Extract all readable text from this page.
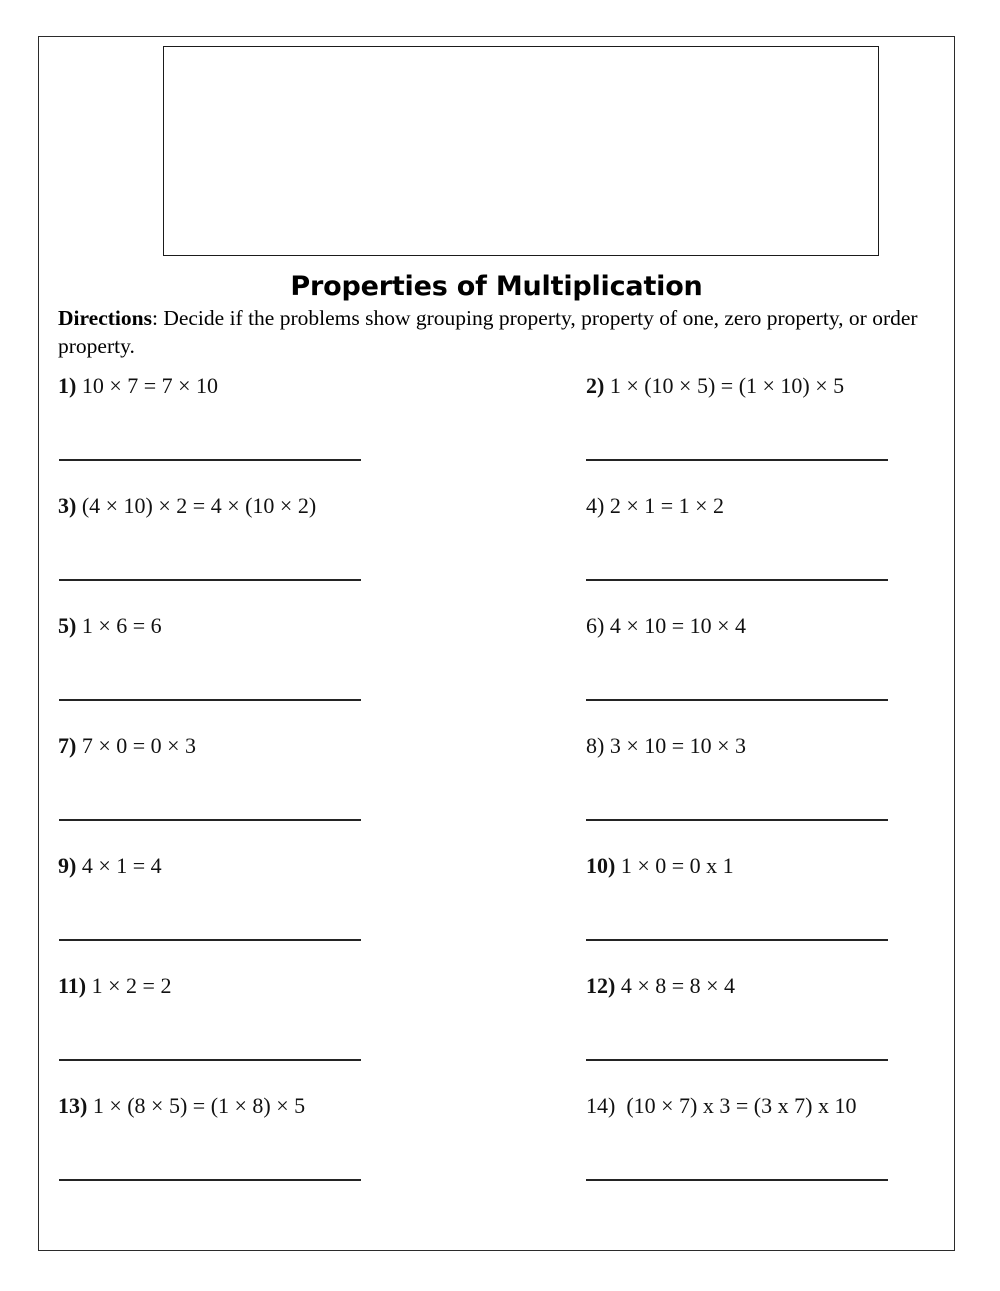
Properties of Multiplication
Directions: Decide if the problems show grouping property, property of one, zero property, or order property.
1) 10 × 7 = 7 × 10	2) 1 × (10 × 5) = (1 × 10) × 5
3) (4 × 10) × 2 = 4 × (10 × 2)	4) 2 × 1 = 1 × 2
5) 1 × 6 = 6	6) 4 × 10 = 10 × 4
7) 7 × 0 = 0 × 3	8) 3 × 10 = 10 × 3
9) 4 × 1 = 4	10) 1 × 0 = 0 x 1
11) 1 × 2 = 2	12) 4 × 8 = 8 × 4
13) 1 × (8 × 5) = (1 × 8) × 5	14)  (10 × 7) x 3 = (3 x 7) x 10
